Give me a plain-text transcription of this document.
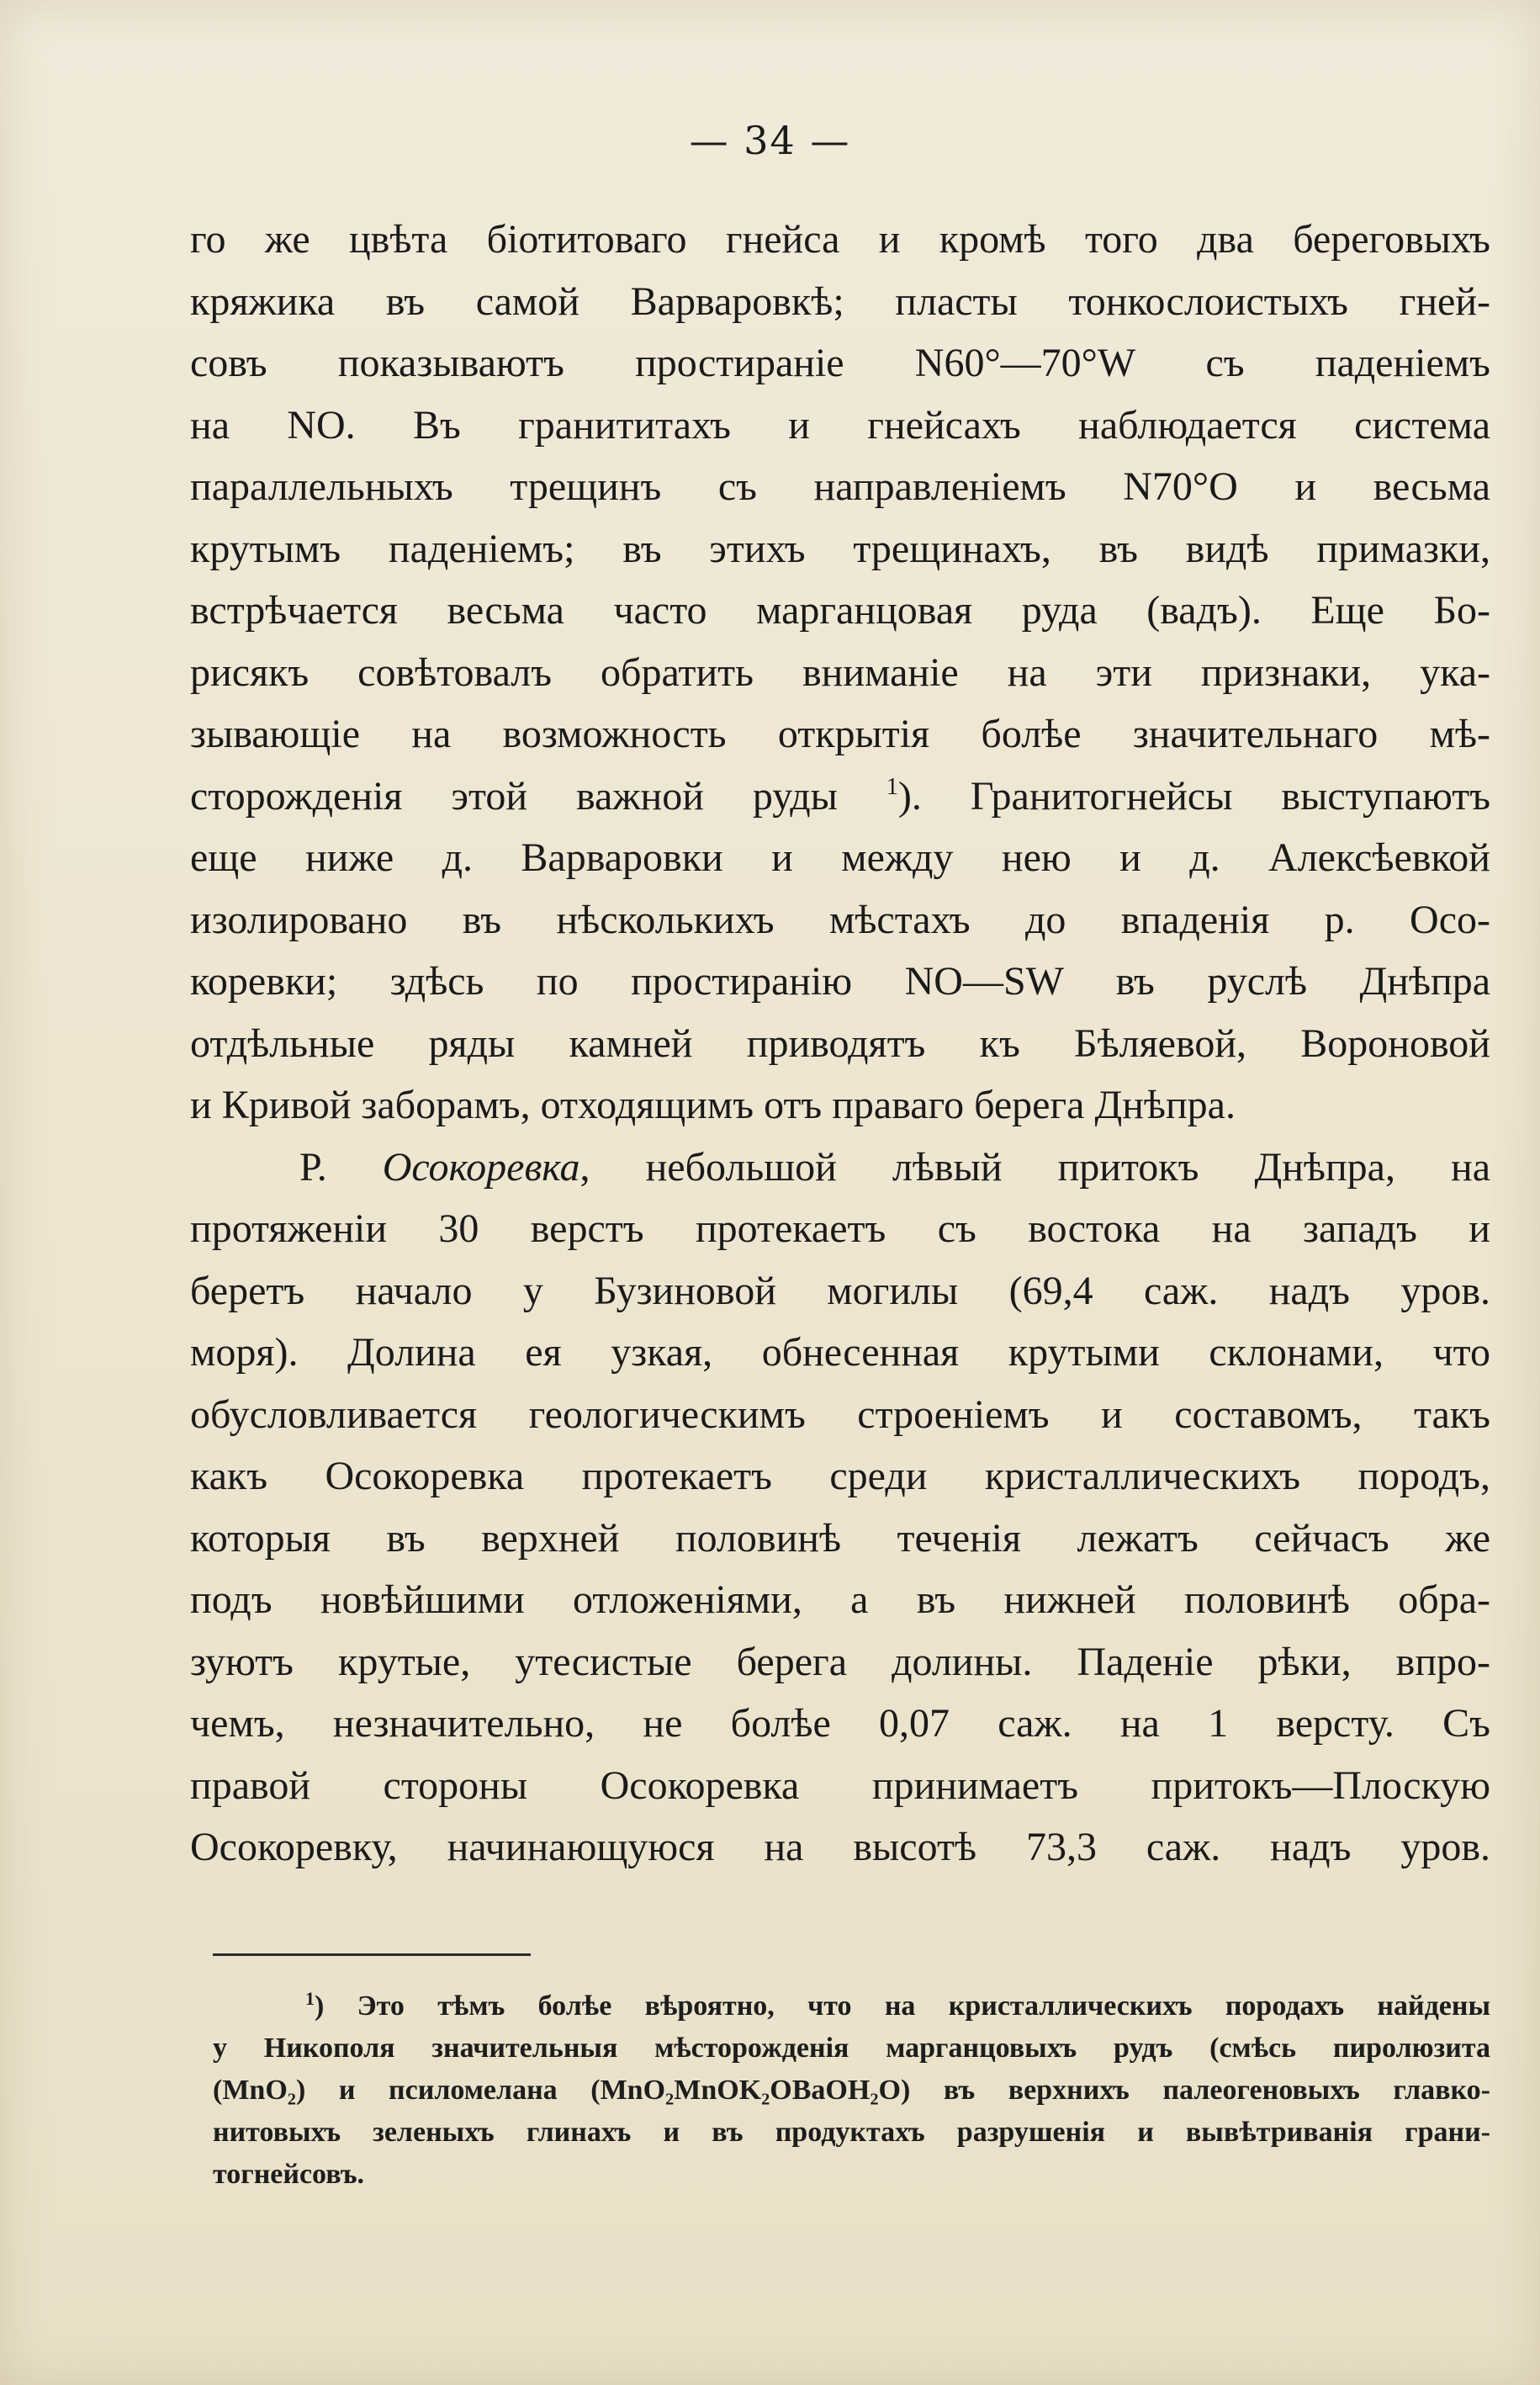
— 34 —
го же цвѣта біотитоваго гнейса и кромѣ того два береговыхъ
кряжика въ самой Варваровкѣ; пласты тонкослоистыхъ гней-
совъ показываютъ простираніе N60°—70°W съ паденіемъ
на NO. Въ гранититахъ и гнейсахъ наблюдается система
параллельныхъ трещинъ съ направленіемъ N70°O и весьма
крутымъ паденіемъ; въ этихъ трещинахъ, въ видѣ примазки,
встрѣчается весьма часто марганцовая руда (вадъ). Еще Бо-
рисякъ совѣтовалъ обратить вниманіе на эти признаки, ука-
зывающіе на возможность открытія болѣе значительнаго мѣ-
сторожденія этой важной руды $^1$). Гранитогнейсы выступаютъ
еще ниже д. Варваровки и между нею и д. Алексѣевкой
изолировано въ нѣсколькихъ мѣстахъ до впаденія р. Осо-
коревки; здѣсь по простиранію NO—SW въ руслѣ Днѣпра
отдѣльные ряды камней приводятъ къ Бѣляевой, Вороновой
и Кривой заборамъ, отходящимъ отъ праваго берега Днѣпра.
Р. Осокоревка, небольшой лѣвый притокъ Днѣпра, на
протяженіи 30 верстъ протекаетъ съ востока на западъ и
беретъ начало у Бузиновой могилы (69,4 саж. надъ уров.
моря). Долина ея узкая, обнесенная крутыми склонами, что
обусловливается геологическимъ строеніемъ и составомъ, такъ
какъ Осокоревка протекаетъ среди кристаллическихъ породъ,
которыя въ верхней половинѣ теченія лежатъ сейчасъ же
подъ новѣйшими отложеніями, а въ нижней половинѣ обра-
зуютъ крутые, утесистые берега долины. Паденіе рѣки, впро-
чемъ, незначительно, не болѣе 0,07 саж. на 1 версту. Съ
правой стороны Осокоревка принимаетъ притокъ—Плоскую
Осокоревку, начинающуюся на высотѣ 73,3 саж. надъ уров.
$^1$) Это тѣмъ болѣе вѣроятно, что на кристаллическихъ породахъ найдены
у Никополя значительныя мѣсторожденія марганцовыхъ рудъ (смѣсь пиролюзита
(MnO₂) и псиломелана (MnO₂MnOK₂OBaOH₂O) въ верхнихъ палеогеновыхъ главко-
нитовыхъ зеленыхъ глинахъ и въ продуктахъ разрушенія и вывѣтриванія грани-
тогнейсовъ.
